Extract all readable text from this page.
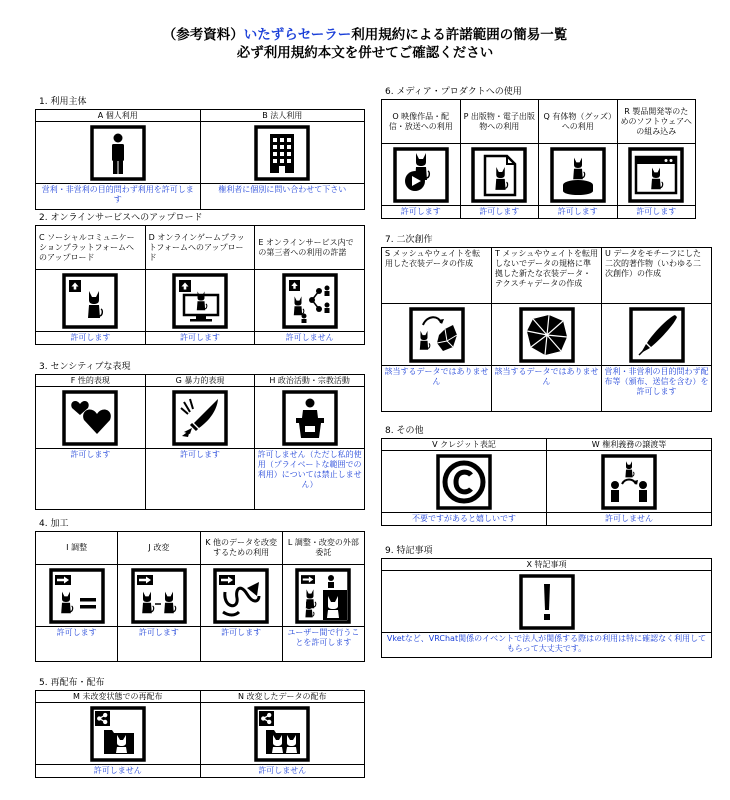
（参考資料）いたずらセーラー利用規約による許諾範囲の簡易一覧
必ず利用規約本文を併せてご確認ください
1. 利用主体
A 個人利用
営利・非営利の目的問わず利用を許可します
B 法人利用
権利者に個別に問い合わせて下さい
2. オンラインサービスへのアップロード
C ソーシャルコミュニケーションプラットフォームへのアップロード
許可します
D オンラインゲームプラットフォームへのアップロード
許可します
E オンラインサービス内での第三者への利用の許諾
許可しません
3. センシティブな表現
F 性的表現
許可します
G 暴力的表現
許可します
H 政治活動・宗教活動
許可しません（ただし私的使用（プライベートな範囲での利用）については禁止しません）
4. 加工
I 調整
許可します
J 改変
許可します
K 他のデータを改変するための利用
許可します
L 調整・改変の外部委託
ユーザー間で行うことを許可します
5. 再配布・配布
M 未改変状態での再配布
許可しません
N 改変したデータの配布
許可しません
6. メディア・プロダクトへの使用
O 映像作品・配信・放送への利用
許可します
P 出版物・電子出版物への利用
許可します
Q 有体物（グッズ）への利用
許可します
R 製品開発等のためのソフトウェアへの組み込み
許可します
7. 二次創作
S メッシュやウェイトを転用した衣装データの作成
該当するデータではありません
T メッシュやウェイトを転用しないでデータの規格に準拠した新たな衣装データ・テクスチャデータの作成
該当するデータではありません
U データをモチーフにした二次的著作物（いわゆる二次創作）の作成
営利・非営利の目的問わず配布等（頒布、送信を含む）を許可します
8. その他
V クレジット表記
不要ですがあると嬉しいです
W 権利義務の譲渡等
許可しません
9. 特記事項
X 特記事項
Vketなど、VRChat関係のイベントで法人が関係する際はの利用は特に確認なく利用してもらって大丈夫です。
